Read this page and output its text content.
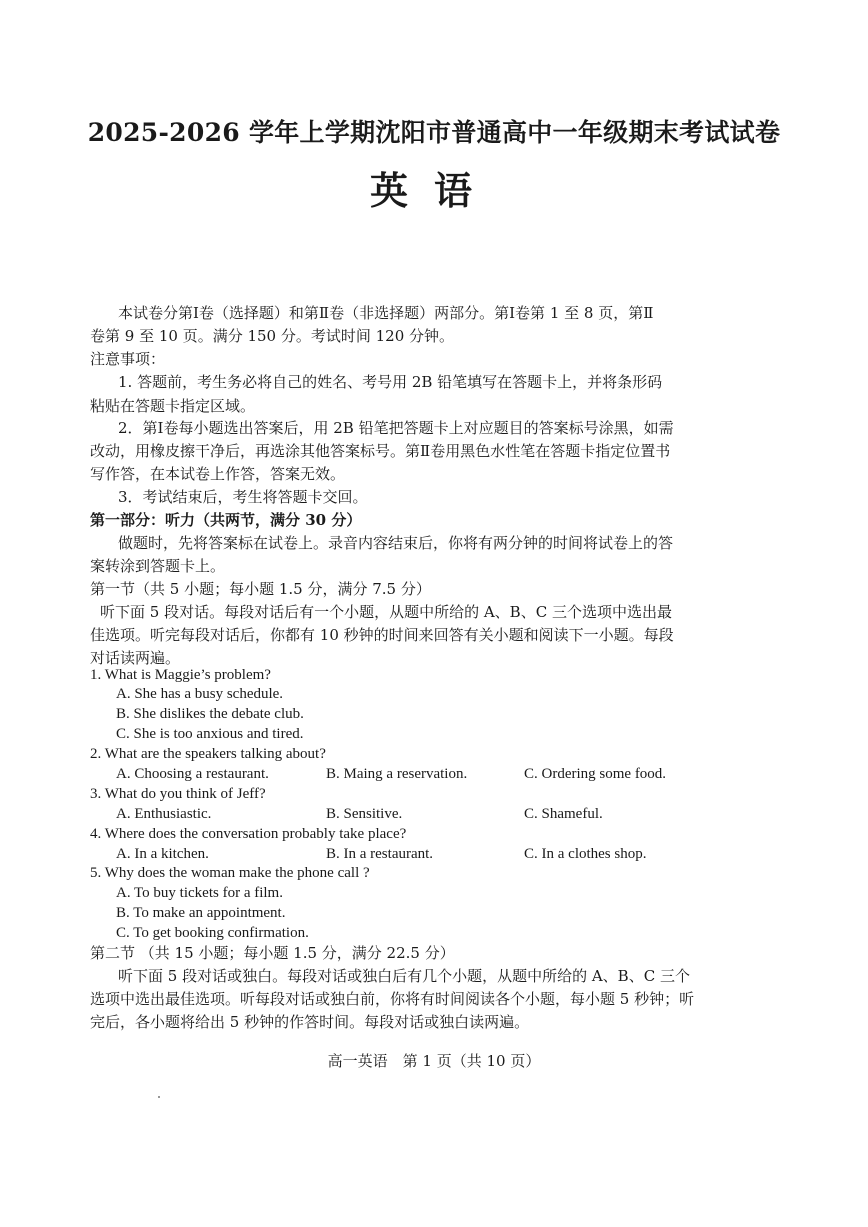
2025-2026 学年上学期沈阳市普通高中一年级期末考试试卷
英语
本试卷分第Ⅰ卷（选择题）和第Ⅱ卷（非选择题）两部分。第Ⅰ卷第 1 至 8 页，第Ⅱ
卷第 9 至 10 页。满分 150 分。考试时间 120 分钟。
注意事项：
1. 答题前，考生务必将自己的姓名、考号用 2B 铅笔填写在答题卡上，并将条形码
粘贴在答题卡指定区域。
2．第Ⅰ卷每小题选出答案后，用 2B 铅笔把答题卡上对应题目的答案标号涂黑，如需
改动，用橡皮擦干净后，再选涂其他答案标号。第Ⅱ卷用黑色水性笔在答题卡指定位置书
写作答，在本试卷上作答，答案无效。
3．考试结束后，考生将答题卡交回。
第一部分：听力（共两节，满分 30 分）
做题时，先将答案标在试卷上。录音内容结束后，你将有两分钟的时间将试卷上的答
案转涂到答题卡上。
第一节（共 5 小题；每小题 1.5 分，满分 7.5 分）
听下面 5 段对话。每段对话后有一个小题，从题中所给的 A、B、C 三个选项中选出最
佳选项。听完每段对话后，你都有 10 秒钟的时间来回答有关小题和阅读下一小题。每段
对话读两遍。
1. What is Maggie’s problem?
A. She has a busy schedule.
B. She dislikes the debate club.
C. She is too anxious and tired.
2. What are the speakers talking about?
A. Choosing a restaurant.	B. Maing a reservation.	C. Ordering some food.
3. What do you think of Jeff?
A. Enthusiastic.	B. Sensitive.	C. Shameful.
4. Where does the conversation probably take place?
A. In a kitchen.	B. In a restaurant.	C. In a clothes shop.
5. Why does the woman make the phone call ?
A. To buy tickets for a film.
B. To make an appointment.
C. To get booking confirmation.
第二节 （共 15 小题；每小题 1.5 分，满分 22.5 分）
听下面 5 段对话或独白。每段对话或独白后有几个小题，从题中所给的 A、B、C 三个
选项中选出最佳选项。听每段对话或独白前，你将有时间阅读各个小题，每小题 5 秒钟；听
完后，各小题将给出 5 秒钟的作答时间。每段对话或独白读两遍。
高一英语　第 1 页（共 10 页）
